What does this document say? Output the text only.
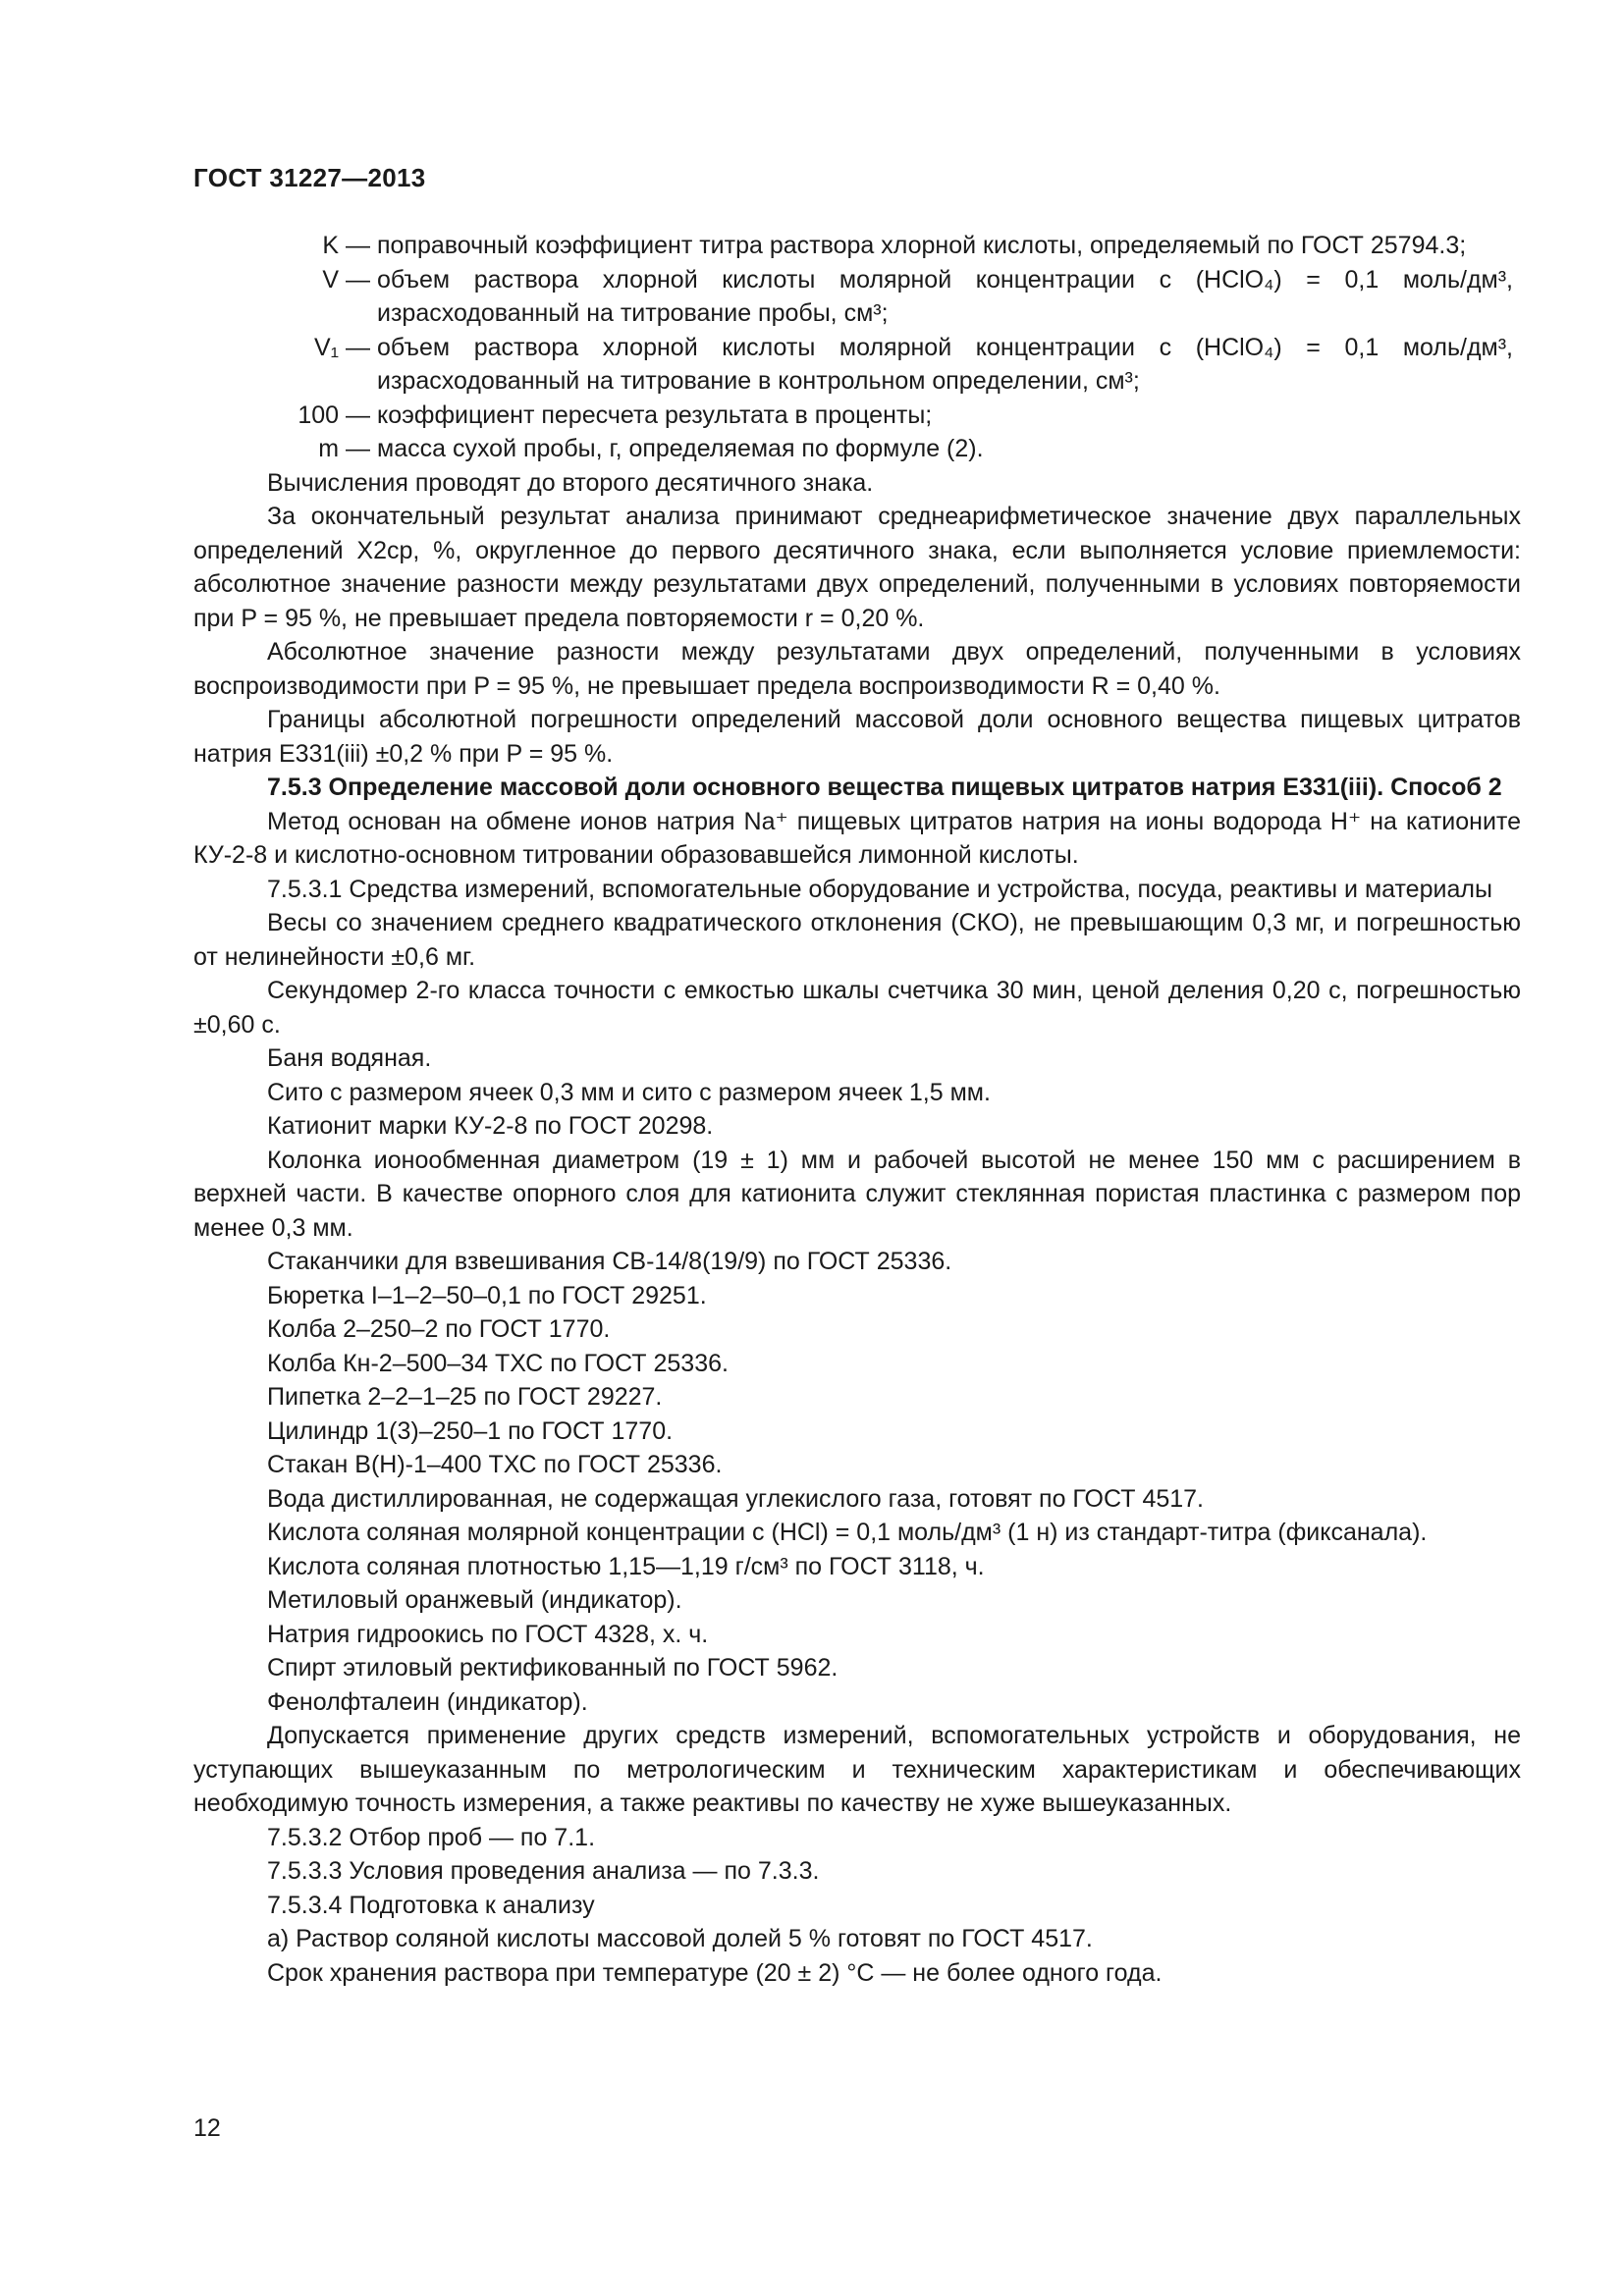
ГОСТ 31227—2013
K — поправочный коэффициент титра раствора хлорной кислоты, определяемый по ГОСТ 25794.3;
V — объем раствора хлорной кислоты молярной концентрации c (HClO₄) = 0,1 моль/дм³, израсходованный на титрование пробы, см³;
V₁ — объем раствора хлорной кислоты молярной концентрации c (HClO₄) = 0,1 моль/дм³, израсходованный на титрование в контрольном определении, см³;
100 — коэффициент пересчета результата в проценты;
m — масса сухой пробы, г, определяемая по формуле (2).
Вычисления проводят до второго десятичного знака.
За окончательный результат анализа принимают среднеарифметическое значение двух параллельных определений X2ср, %, округленное до первого десятичного знака, если выполняется условие приемлемости: абсолютное значение разности между результатами двух определений, полученными в условиях повторяемости при P = 95 %, не превышает предела повторяемости r = 0,20 %.
Абсолютное значение разности между результатами двух определений, полученными в условиях воспроизводимости при P = 95 %, не превышает предела воспроизводимости R = 0,40 %.
Границы абсолютной погрешности определений массовой доли основного вещества пищевых цитратов натрия E331(iii) ±0,2 % при P = 95 %.
7.5.3 Определение массовой доли основного вещества пищевых цитратов натрия E331(iii). Способ 2
Метод основан на обмене ионов натрия Na⁺ пищевых цитратов натрия на ионы водорода H⁺ на катионите КУ-2-8 и кислотно-основном титровании образовавшейся лимонной кислоты.
7.5.3.1 Средства измерений, вспомогательные оборудование и устройства, посуда, реактивы и материалы
Весы со значением среднего квадратического отклонения (СКО), не превышающим 0,3 мг, и погрешностью от нелинейности ±0,6 мг.
Секундомер 2-го класса точности с емкостью шкалы счетчика 30 мин, ценой деления 0,20 с, погрешностью ±0,60 с.
Баня водяная.
Сито с размером ячеек 0,3 мм и сито с размером ячеек 1,5 мм.
Катионит марки КУ-2-8 по ГОСТ 20298.
Колонка ионообменная диаметром (19 ± 1) мм и рабочей высотой не менее 150 мм с расширением в верхней части. В качестве опорного слоя для катионита служит стеклянная пористая пластинка с размером пор менее 0,3 мм.
Стаканчики для взвешивания СВ-14/8(19/9) по ГОСТ 25336.
Бюретка I–1–2–50–0,1 по ГОСТ 29251.
Колба 2–250–2 по ГОСТ 1770.
Колба Кн-2–500–34 ТХС по ГОСТ 25336.
Пипетка 2–2–1–25 по ГОСТ 29227.
Цилиндр 1(3)–250–1 по ГОСТ 1770.
Стакан В(Н)-1–400 ТХС по ГОСТ 25336.
Вода дистиллированная, не содержащая углекислого газа, готовят по ГОСТ 4517.
Кислота соляная молярной концентрации c (HCl) = 0,1 моль/дм³ (1 н) из стандарт-титра (фиксанала).
Кислота соляная плотностью 1,15—1,19 г/см³ по ГОСТ 3118, ч.
Метиловый оранжевый (индикатор).
Натрия гидроокись по ГОСТ 4328, х. ч.
Спирт этиловый ректификованный по ГОСТ 5962.
Фенолфталеин (индикатор).
Допускается применение других средств измерений, вспомогательных устройств и оборудования, не уступающих вышеуказанным по метрологическим и техническим характеристикам и обеспечивающих необходимую точность измерения, а также реактивы по качеству не хуже вышеуказанных.
7.5.3.2 Отбор проб — по 7.1.
7.5.3.3 Условия проведения анализа — по 7.3.3.
7.5.3.4 Подготовка к анализу
а) Раствор соляной кислоты массовой долей 5 % готовят по ГОСТ 4517.
Срок хранения раствора при температуре (20 ± 2) °С — не более одного года.
12
